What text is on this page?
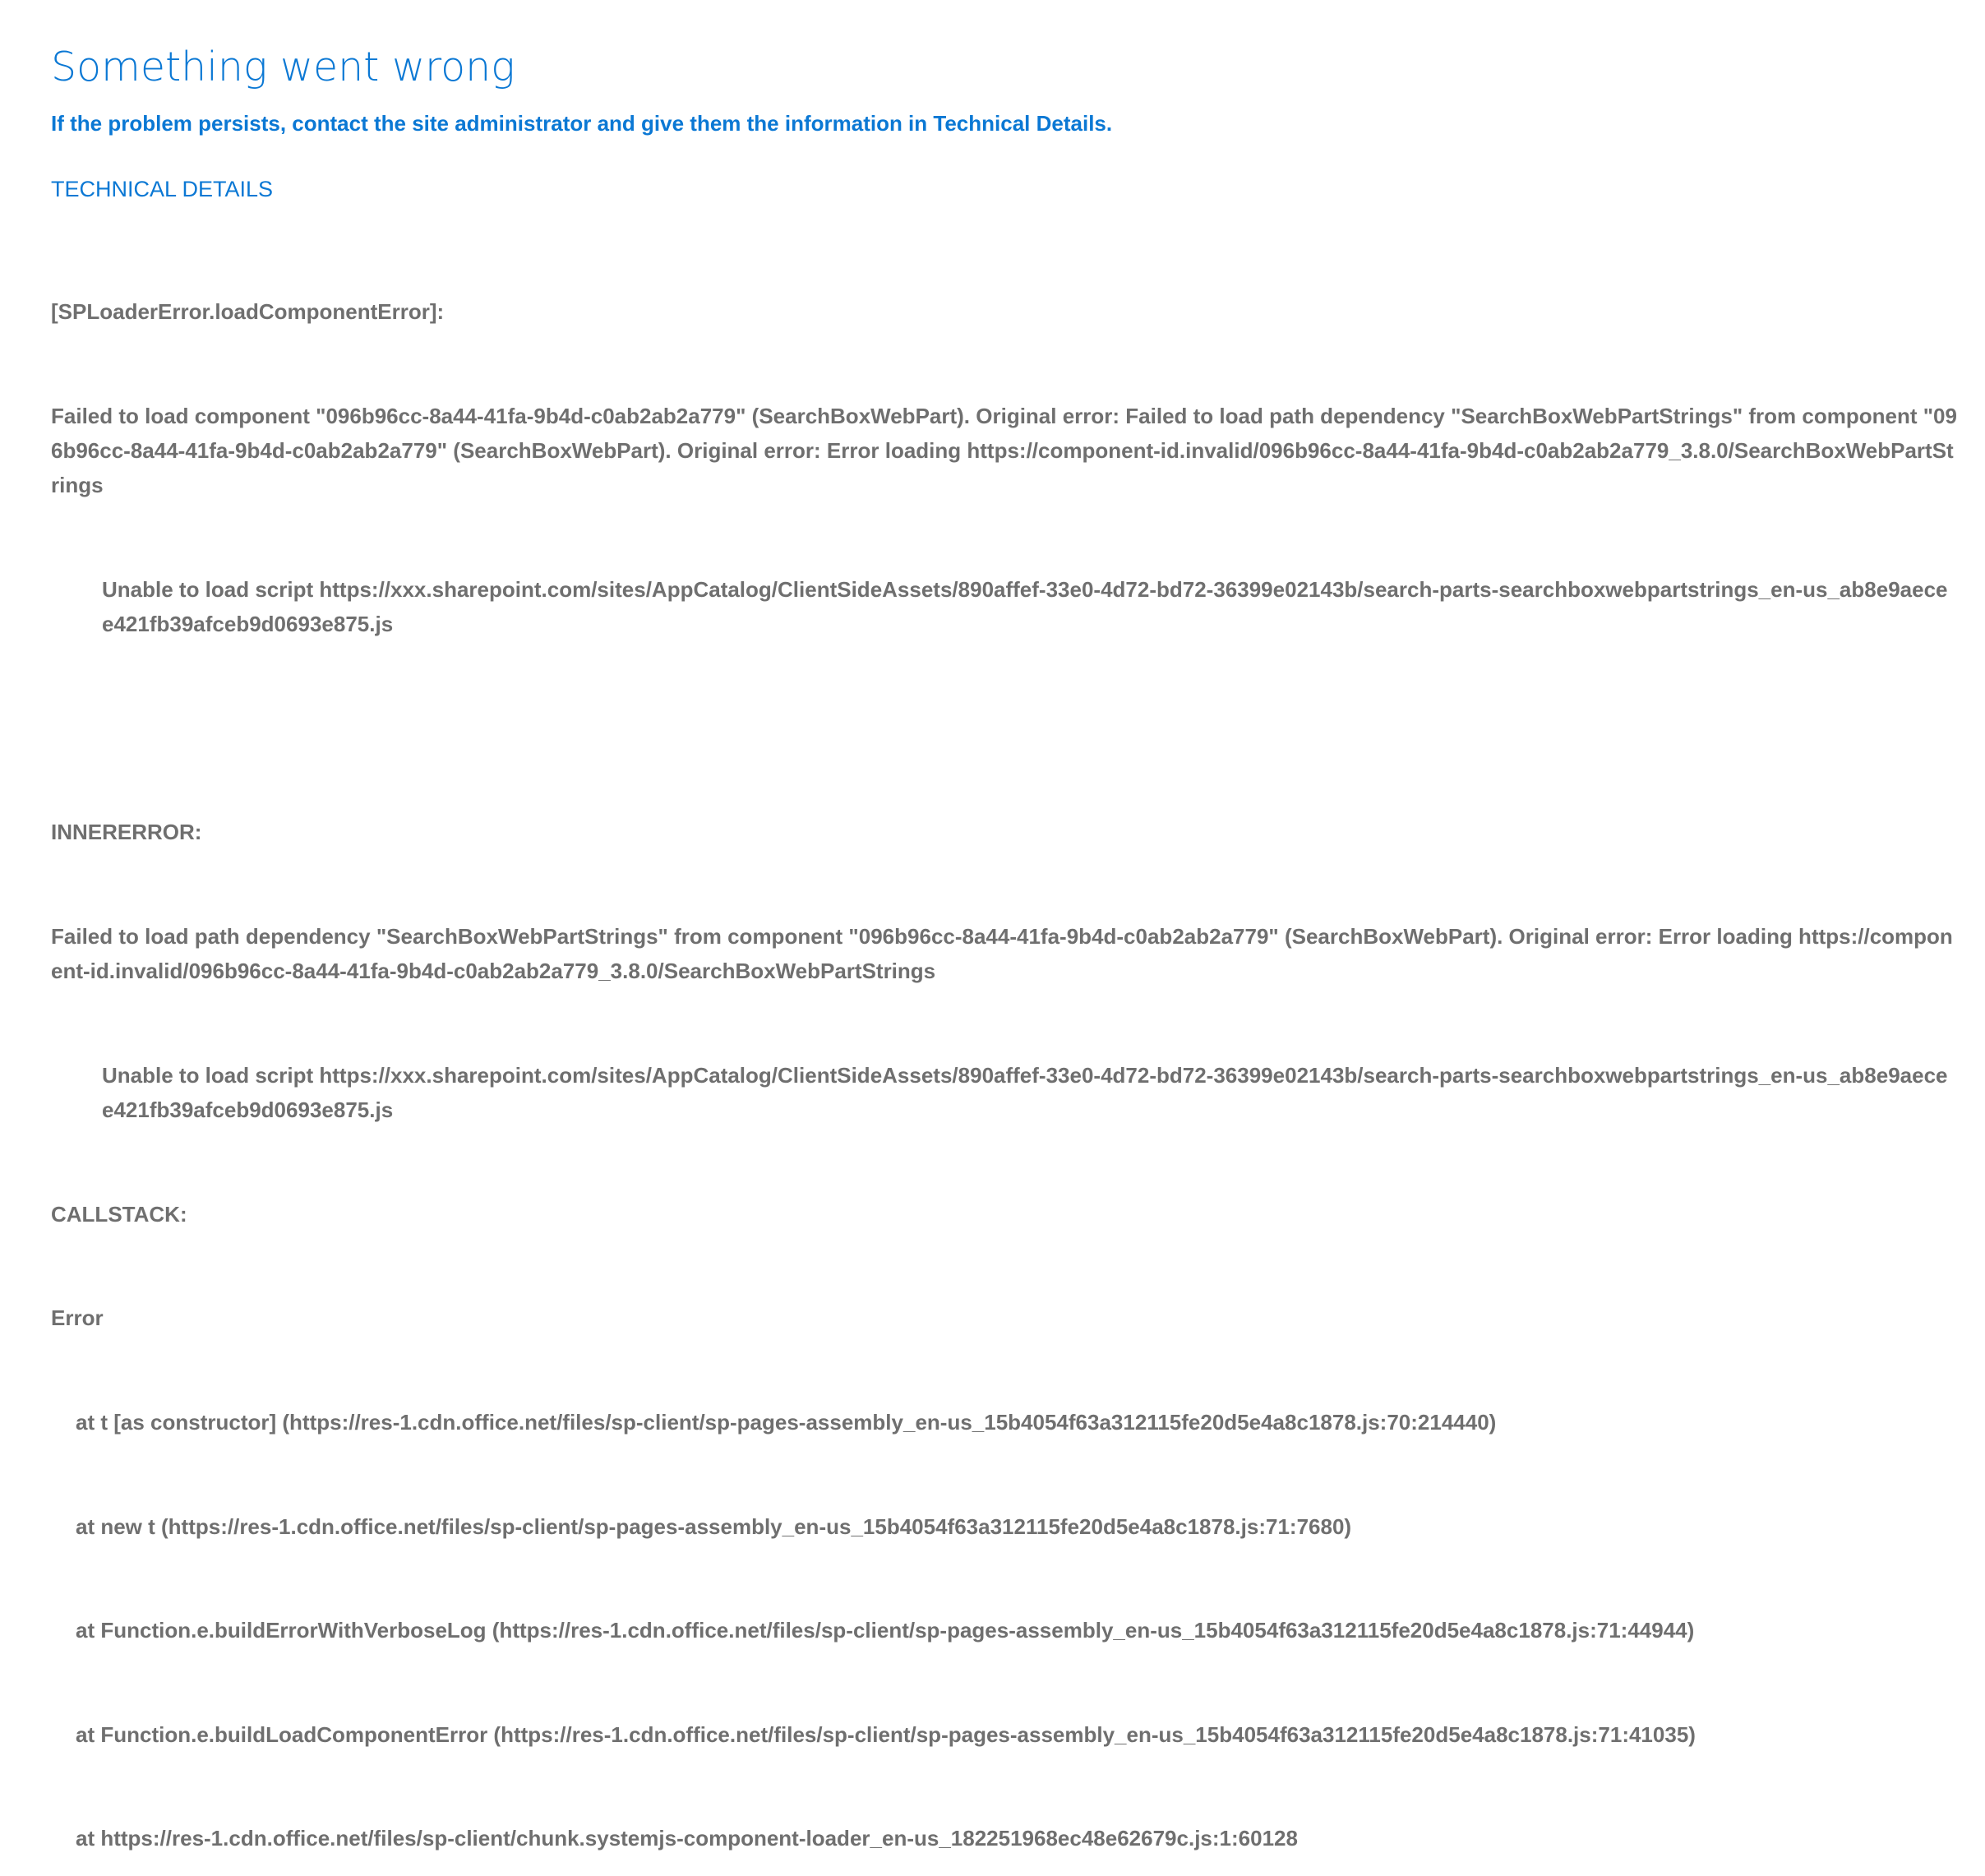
Something went wrong
If the problem persists, contact the site administrator and give them the information in Technical Details.
TECHNICAL DETAILS

[SPLoaderError.loadComponentError]:

Failed to load component "096b96cc-8a44-41fa-9b4d-c0ab2ab2a779" (SearchBoxWebPart). Original error: Failed to load path dependency "SearchBoxWebPartStrings" from component "096b96cc-8a44-41fa-9b4d-c0ab2ab2a779" (SearchBoxWebPart). Original error: Error loading https://component-id.invalid/096b96cc-8a44-41fa-9b4d-c0ab2ab2a779_3.8.0/SearchBoxWebPartStrings

Unable to load script https://xxx.sharepoint.com/sites/AppCatalog/ClientSideAssets/890affef-33e0-4d72-bd72-36399e02143b/search-parts-searchboxwebpartstrings_en-us_ab8e9aecee421fb39afceb9d0693e875.js

INNERERROR:

Failed to load path dependency "SearchBoxWebPartStrings" from component "096b96cc-8a44-41fa-9b4d-c0ab2ab2a779" (SearchBoxWebPart). Original error: Error loading https://component-id.invalid/096b96cc-8a44-41fa-9b4d-c0ab2ab2a779_3.8.0/SearchBoxWebPartStrings

Unable to load script https://xxx.sharepoint.com/sites/AppCatalog/ClientSideAssets/890affef-33e0-4d72-bd72-36399e02143b/search-parts-searchboxwebpartstrings_en-us_ab8e9aecee421fb39afceb9d0693e875.js

CALLSTACK:

Error

at t [as constructor] (https://res-1.cdn.office.net/files/sp-client/sp-pages-assembly_en-us_15b4054f63a312115fe20d5e4a8c1878.js:70:214440)

at new t (https://res-1.cdn.office.net/files/sp-client/sp-pages-assembly_en-us_15b4054f63a312115fe20d5e4a8c1878.js:71:7680)

at Function.e.buildErrorWithVerboseLog (https://res-1.cdn.office.net/files/sp-client/sp-pages-assembly_en-us_15b4054f63a312115fe20d5e4a8c1878.js:71:44944)

at Function.e.buildLoadComponentError (https://res-1.cdn.office.net/files/sp-client/sp-pages-assembly_en-us_15b4054f63a312115fe20d5e4a8c1878.js:71:41035)

at https://res-1.cdn.office.net/files/sp-client/chunk.systemjs-component-loader_en-us_182251968ec48e62679c.js:1:60128
